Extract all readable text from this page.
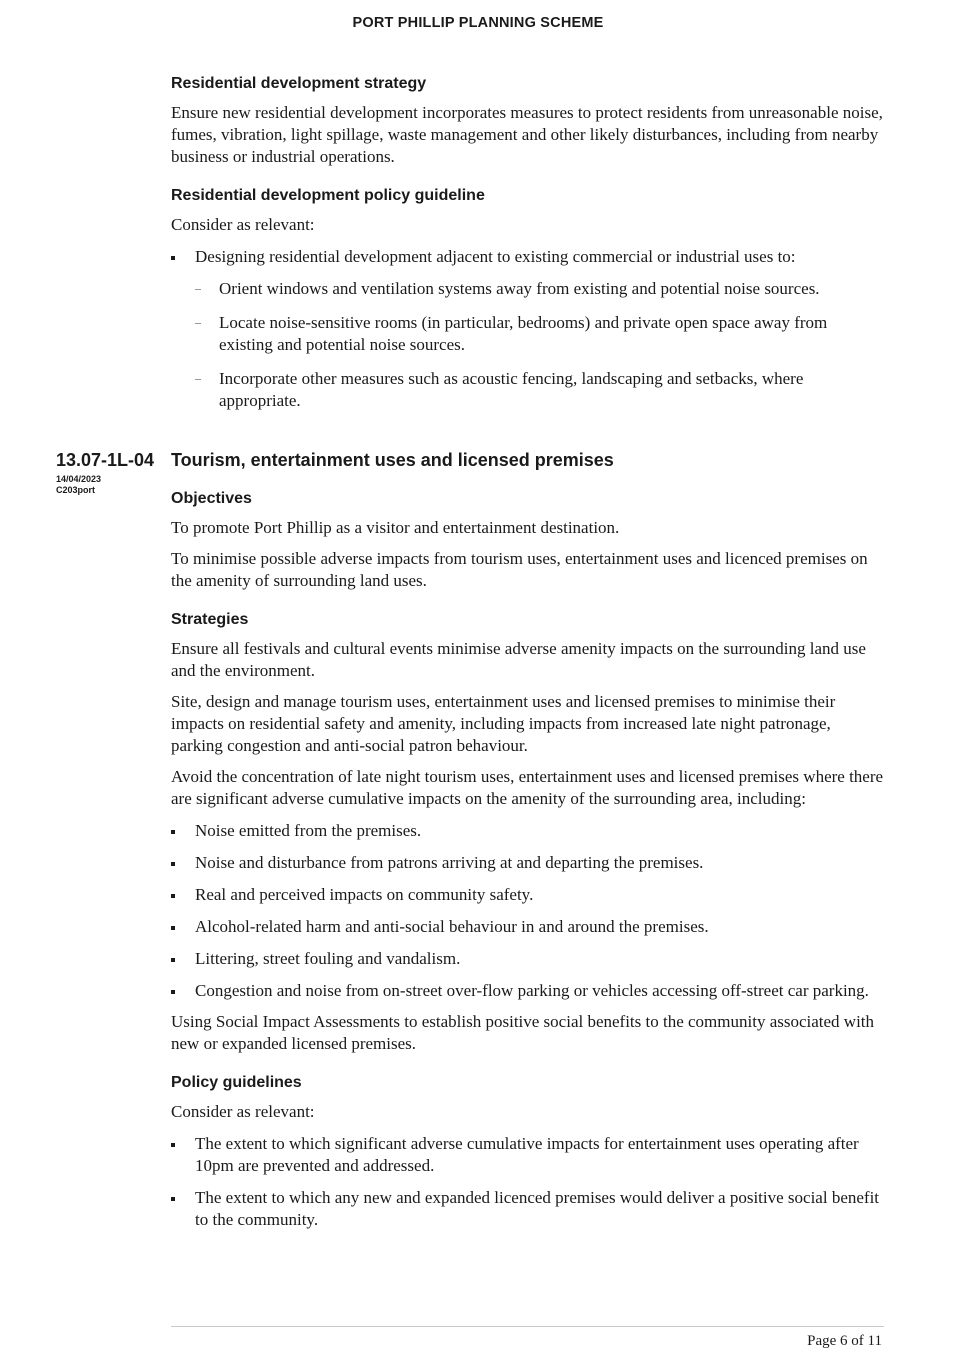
PORT PHILLIP PLANNING SCHEME
Residential development strategy

Ensure new residential development incorporates measures to protect residents from unreasonable noise, fumes, vibration, light spillage, waste management and other likely disturbances, including from nearby business or industrial operations.

Residential development policy guideline

Consider as relevant:

Designing residential development adjacent to existing commercial or industrial uses to:
Orient windows and ventilation systems away from existing and potential noise sources.
Locate noise-sensitive rooms (in particular, bedrooms) and private open space away from existing and potential noise sources.
Incorporate other measures such as acoustic fencing, landscaping and setbacks, where appropriate.
13.07-1L-04 Tourism, entertainment uses and licensed premises
14/04/2023
C203port	Objectives

To promote Port Phillip as a visitor and entertainment destination.

To minimise possible adverse impacts from tourism uses, entertainment uses and licenced premises on the amenity of surrounding land uses.

Strategies

Ensure all festivals and cultural events minimise adverse amenity impacts on the surrounding land use and the environment.

Site, design and manage tourism uses, entertainment uses and licensed premises to minimise their impacts on residential safety and amenity, including impacts from increased late night patronage, parking congestion and anti-social patron behaviour.

Avoid the concentration of late night tourism uses, entertainment uses and licensed premises where there are significant adverse cumulative impacts on the amenity of the surrounding area, including:

Noise emitted from the premises.
Noise and disturbance from patrons arriving at and departing the premises.
Real and perceived impacts on community safety.
Alcohol-related harm and anti-social behaviour in and around the premises.
Littering, street fouling and vandalism.
Congestion and noise from on-street over-flow parking or vehicles accessing off-street car parking.

Using Social Impact Assessments to establish positive social benefits to the community associated with new or expanded licensed premises.

Policy guidelines

Consider as relevant:

The extent to which significant adverse cumulative impacts for entertainment uses operating after 10pm are prevented and addressed.
The extent to which any new and expanded licenced premises would deliver a positive social benefit to the community.
Page 6 of 11
